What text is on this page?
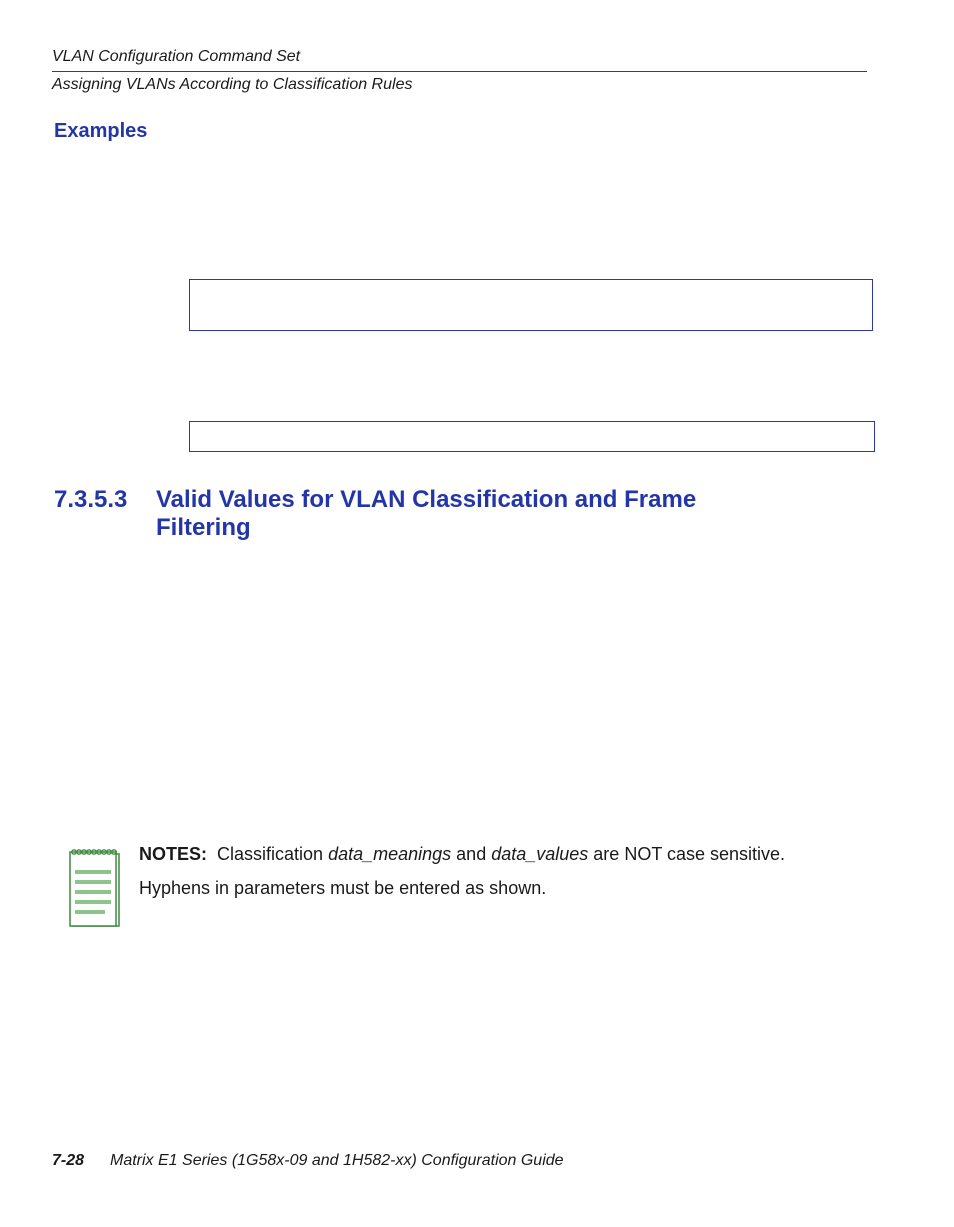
VLAN Configuration Command Set
Assigning VLANs According to Classification Rules
Examples
7.3.5.3 Valid Values for VLAN Classification and Frame Filtering
NOTES: Classification data_meanings and data_values are NOT case sensitive.
Hyphens in parameters must be entered as shown.
7-28 Matrix E1 Series (1G58x-09 and 1H582-xx) Configuration Guide
